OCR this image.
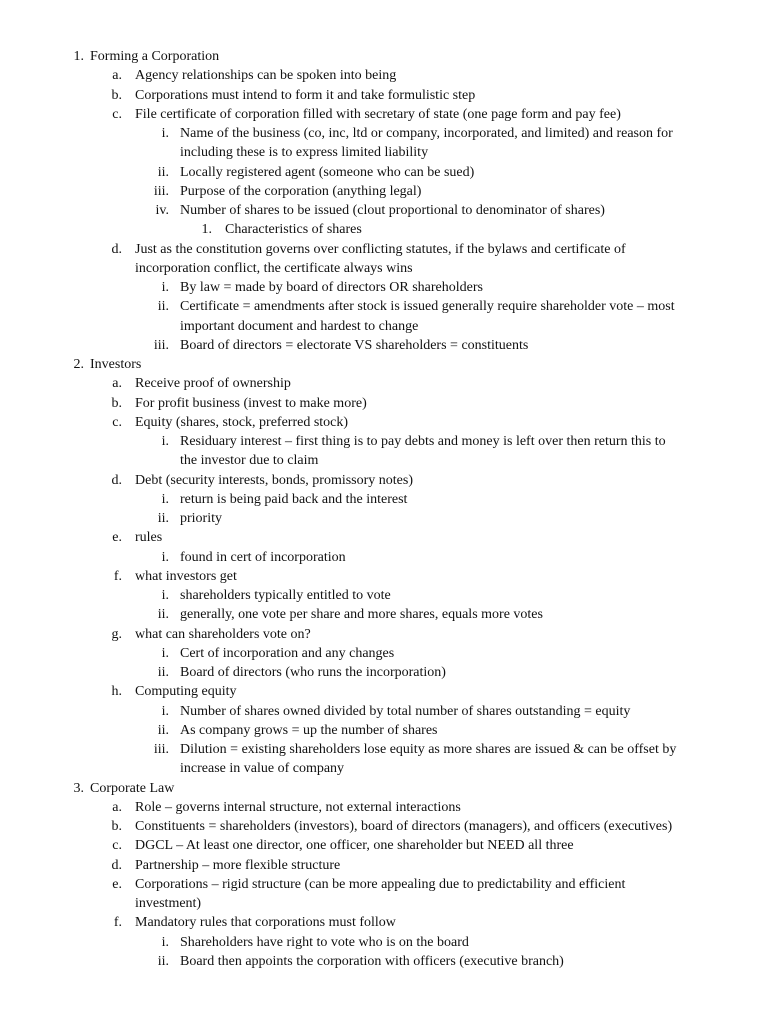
1. Forming a Corporation
a. Agency relationships can be spoken into being
b. Corporations must intend to form it and take formulistic step
c. File certificate of corporation filled with secretary of state (one page form and pay fee)
i. Name of the business (co, inc, ltd or company, incorporated, and limited) and reason for
including these is to express limited liability
ii. Locally registered agent (someone who can be sued)
iii. Purpose of the corporation (anything legal)
iv. Number of shares to be issued (clout proportional to denominator of shares)
1. Characteristics of shares
d. Just as the constitution governs over conflicting statutes, if the bylaws and certificate of
incorporation conflict, the certificate always wins
i. By law = made by board of directors OR shareholders
ii. Certificate = amendments after stock is issued generally require shareholder vote – most
important document and hardest to change
iii. Board of directors = electorate VS shareholders = constituents
2. Investors
a. Receive proof of ownership
b. For profit business (invest to make more)
c. Equity (shares, stock, preferred stock)
i. Residuary interest – first thing is to pay debts and money is left over then return this to
the investor due to claim
d. Debt (security interests, bonds, promissory notes)
i. return is being paid back and the interest
ii. priority
e. rules
i. found in cert of incorporation
f. what investors get
i. shareholders typically entitled to vote
ii. generally, one vote per share and more shares, equals more votes
g. what can shareholders vote on?
i. Cert of incorporation and any changes
ii. Board of directors (who runs the incorporation)
h. Computing equity
i. Number of shares owned divided by total number of shares outstanding = equity
ii. As company grows = up the number of shares
iii. Dilution = existing shareholders lose equity as more shares are issued & can be offset by
increase in value of company
3. Corporate Law
a. Role – governs internal structure, not external interactions
b. Constituents = shareholders (investors), board of directors (managers), and officers (executives)
c. DGCL – At least one director, one officer, one shareholder but NEED all three
d. Partnership – more flexible structure
e. Corporations – rigid structure (can be more appealing due to predictability and efficient
investment)
f. Mandatory rules that corporations must follow
i. Shareholders have right to vote who is on the board
ii. Board then appoints the corporation with officers (executive branch)
